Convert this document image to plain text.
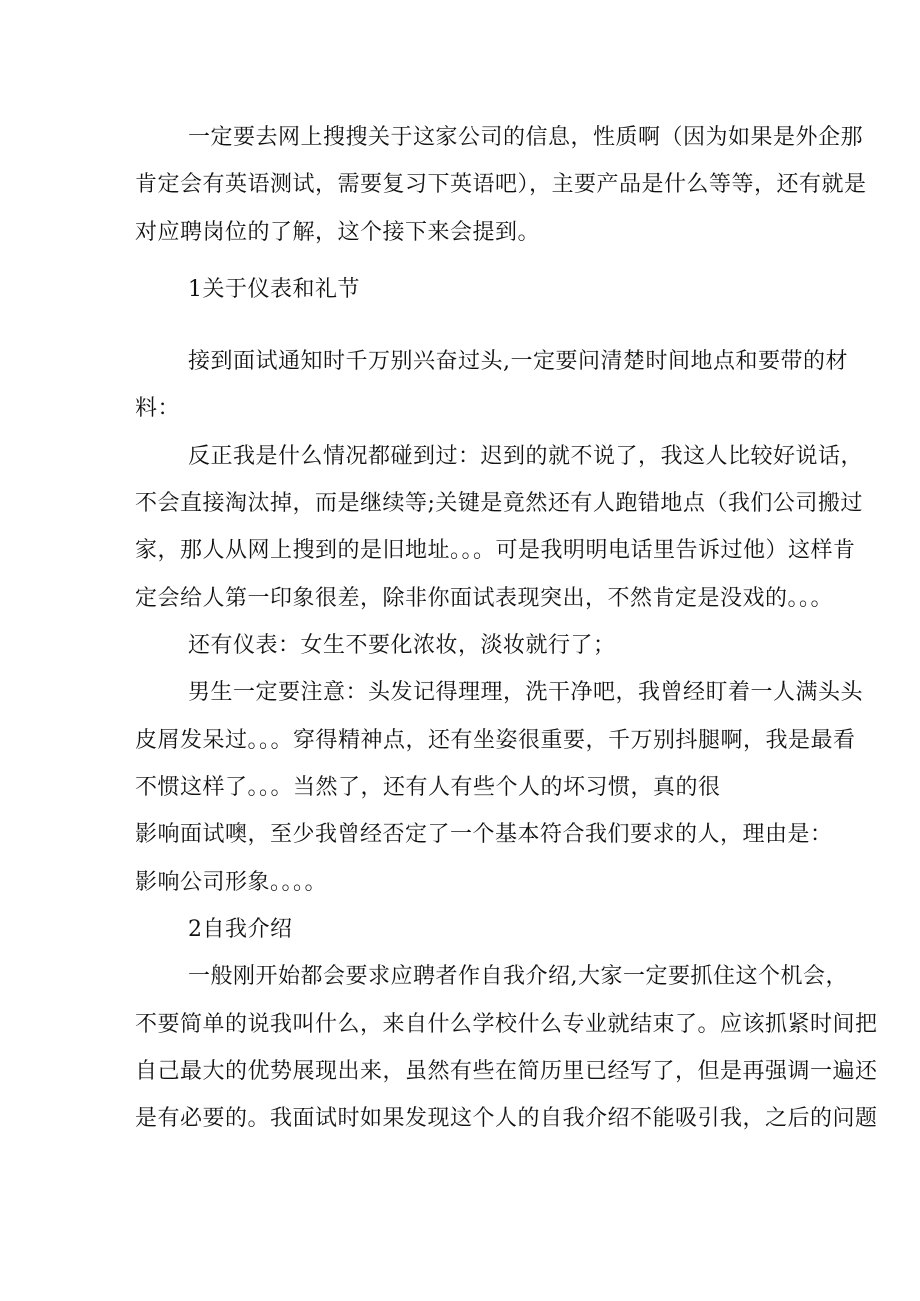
一定要去网上搜搜关于这家公司的信息，性质啊（因为如果是外企那
肯定会有英语测试，需要复习下英语吧），主要产品是什么等等，还有就是
对应聘岗位的了解，这个接下来会提到。
1关于仪表和礼节
接到面试通知时千万别兴奋过头,一定要问清楚时间地点和要带的材
料：
反正我是什么情况都碰到过：迟到的就不说了，我这人比较好说话，
不会直接淘汰掉，而是继续等;关键是竟然还有人跑错地点（我们公司搬过
家，那人从网上搜到的是旧地址。。。可是我明明电话里告诉过他）这样肯
定会给人第一印象很差，除非你面试表现突出，不然肯定是没戏的。。。
还有仪表：女生不要化浓妆，淡妆就行了；
男生一定要注意：头发记得理理，洗干净吧，我曾经盯着一人满头头
皮屑发呆过。。。穿得精神点，还有坐姿很重要，千万别抖腿啊，我是最看
不惯这样了。。。当然了，还有人有些个人的坏习惯，真的很
影响面试噢，至少我曾经否定了一个基本符合我们要求的人，理由是：
影响公司形象。。。。
2自我介绍
一般刚开始都会要求应聘者作自我介绍,大家一定要抓住这个机会，
不要简单的说我叫什么，来自什么学校什么专业就结束了。应该抓紧时间把
自己最大的优势展现出来，虽然有些在简历里已经写了，但是再强调一遍还
是有必要的。我面试时如果发现这个人的自我介绍不能吸引我，之后的问题
